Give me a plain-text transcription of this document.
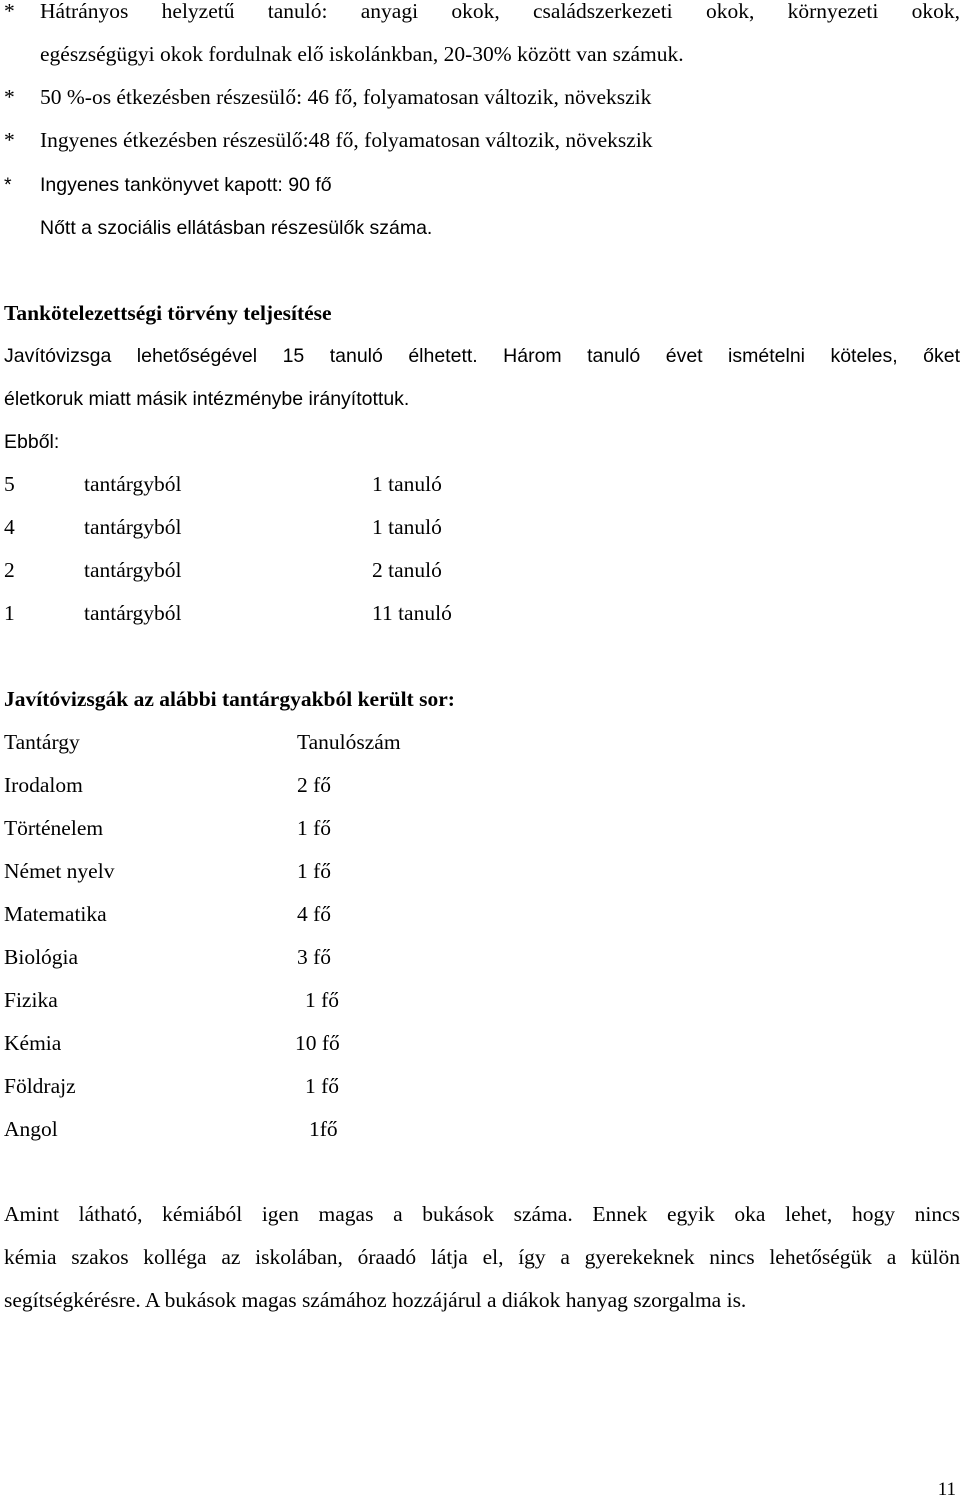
* Hátrányos helyzetű tanuló: anyagi okok, családszerkezeti okok, környezeti okok,

egészségügyi okok fordulnak elő iskolánkban, 20-30% között van számuk.

* 50 %-os étkezésben részesülő: 46 fő, folyamatosan változik, növekszik

* Ingyenes étkezésben részesülő:48 fő, folyamatosan változik, növekszik

* Ingyenes tankönyvet kapott: 90 fő

Nőtt a szociális ellátásban részesülők száma.

Tankötelezettségi törvény teljesítése

Javítóvizsga lehetőségével 15 tanuló élhetett. Három tanuló évet ismételni köteles, őket

életkoruk miatt másik intézménybe irányítottuk.

Ebből:

5	tantárgyból	1 tanuló
4	tantárgyból	1 tanuló
2	tantárgyból	2 tanuló
1	tantárgyból	11 tanuló

Javítóvizsgák az alábbi tantárgyakból került sor:

Tantárgy	Tanulószám
Irodalom	2 fő
Történelem	1 fő
Német nyelv	1 fő
Matematika	4 fő
Biológia	3 fő
Fizika	1 fő
Kémia	10 fő
Földrajz	1 fő
Angol	1fő

Amint látható, kémiából igen magas a bukások száma. Ennek egyik oka lehet, hogy nincs

kémia szakos kolléga az iskolában, óraadó látja el, így a gyerekeknek nincs lehetőségük a külön

segítségkérésre. A bukások magas számához hozzájárul a diákok hanyag szorgalma is.

11
